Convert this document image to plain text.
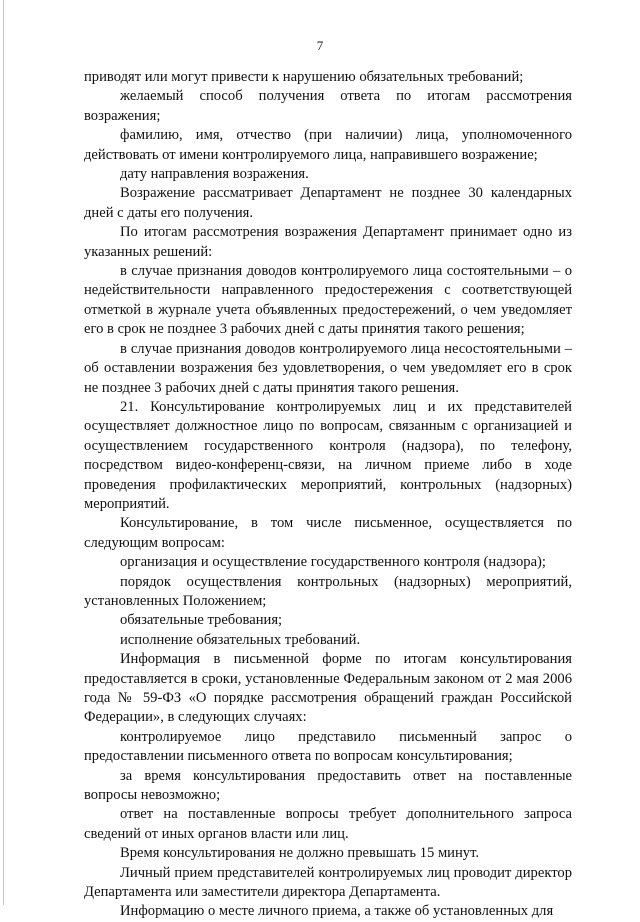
7

приводят или могут привести к нарушению обязательных требований;

желаемый способ получения ответа по итогам рассмотрения возражения;

фамилию, имя, отчество (при наличии) лица, уполномоченного действовать от имени контролируемого лица, направившего возражение;

дату направления возражения.

Возражение рассматривает Департамент не позднее 30 календарных дней с даты его получения.

По итогам рассмотрения возражения Департамент принимает одно из указанных решений:

в случае признания доводов контролируемого лица состоятельными – о недействительности направленного предостережения с соответствующей отметкой в журнале учета объявленных предостережений, о чем уведомляет его в срок не позднее 3 рабочих дней с даты принятия такого решения;

в случае признания доводов контролируемого лица несостоятельными – об оставлении возражения без удовлетворения, о чем уведомляет его в срок не позднее 3 рабочих дней с даты принятия такого решения.

21. Консультирование контролируемых лиц и их представителей осуществляет должностное лицо по вопросам, связанным с организацией и осуществлением государственного контроля (надзора), по телефону, посредством видео-конференц-связи, на личном приеме либо в ходе проведения профилактических мероприятий, контрольных (надзорных) мероприятий.

Консультирование, в том числе письменное, осуществляется по следующим вопросам:

организация и осуществление государственного контроля (надзора);

порядок осуществления контрольных (надзорных) мероприятий, установленных Положением;

обязательные требования;

исполнение обязательных требований.

Информация в письменной форме по итогам консультирования предоставляется в сроки, установленные Федеральным законом от 2 мая 2006 года № 59-ФЗ «О порядке рассмотрения обращений граждан Российской Федерации», в следующих случаях:

контролируемое лицо представило письменный запрос о предоставлении письменного ответа по вопросам консультирования;

за время консультирования предоставить ответ на поставленные вопросы невозможно;

ответ на поставленные вопросы требует дополнительного запроса сведений от иных органов власти или лиц.

Время консультирования не должно превышать 15 минут.

Личный прием представителей контролируемых лиц проводит директор Департамента или заместители директора Департамента.

Информацию о месте личного приема, а также об установленных для
